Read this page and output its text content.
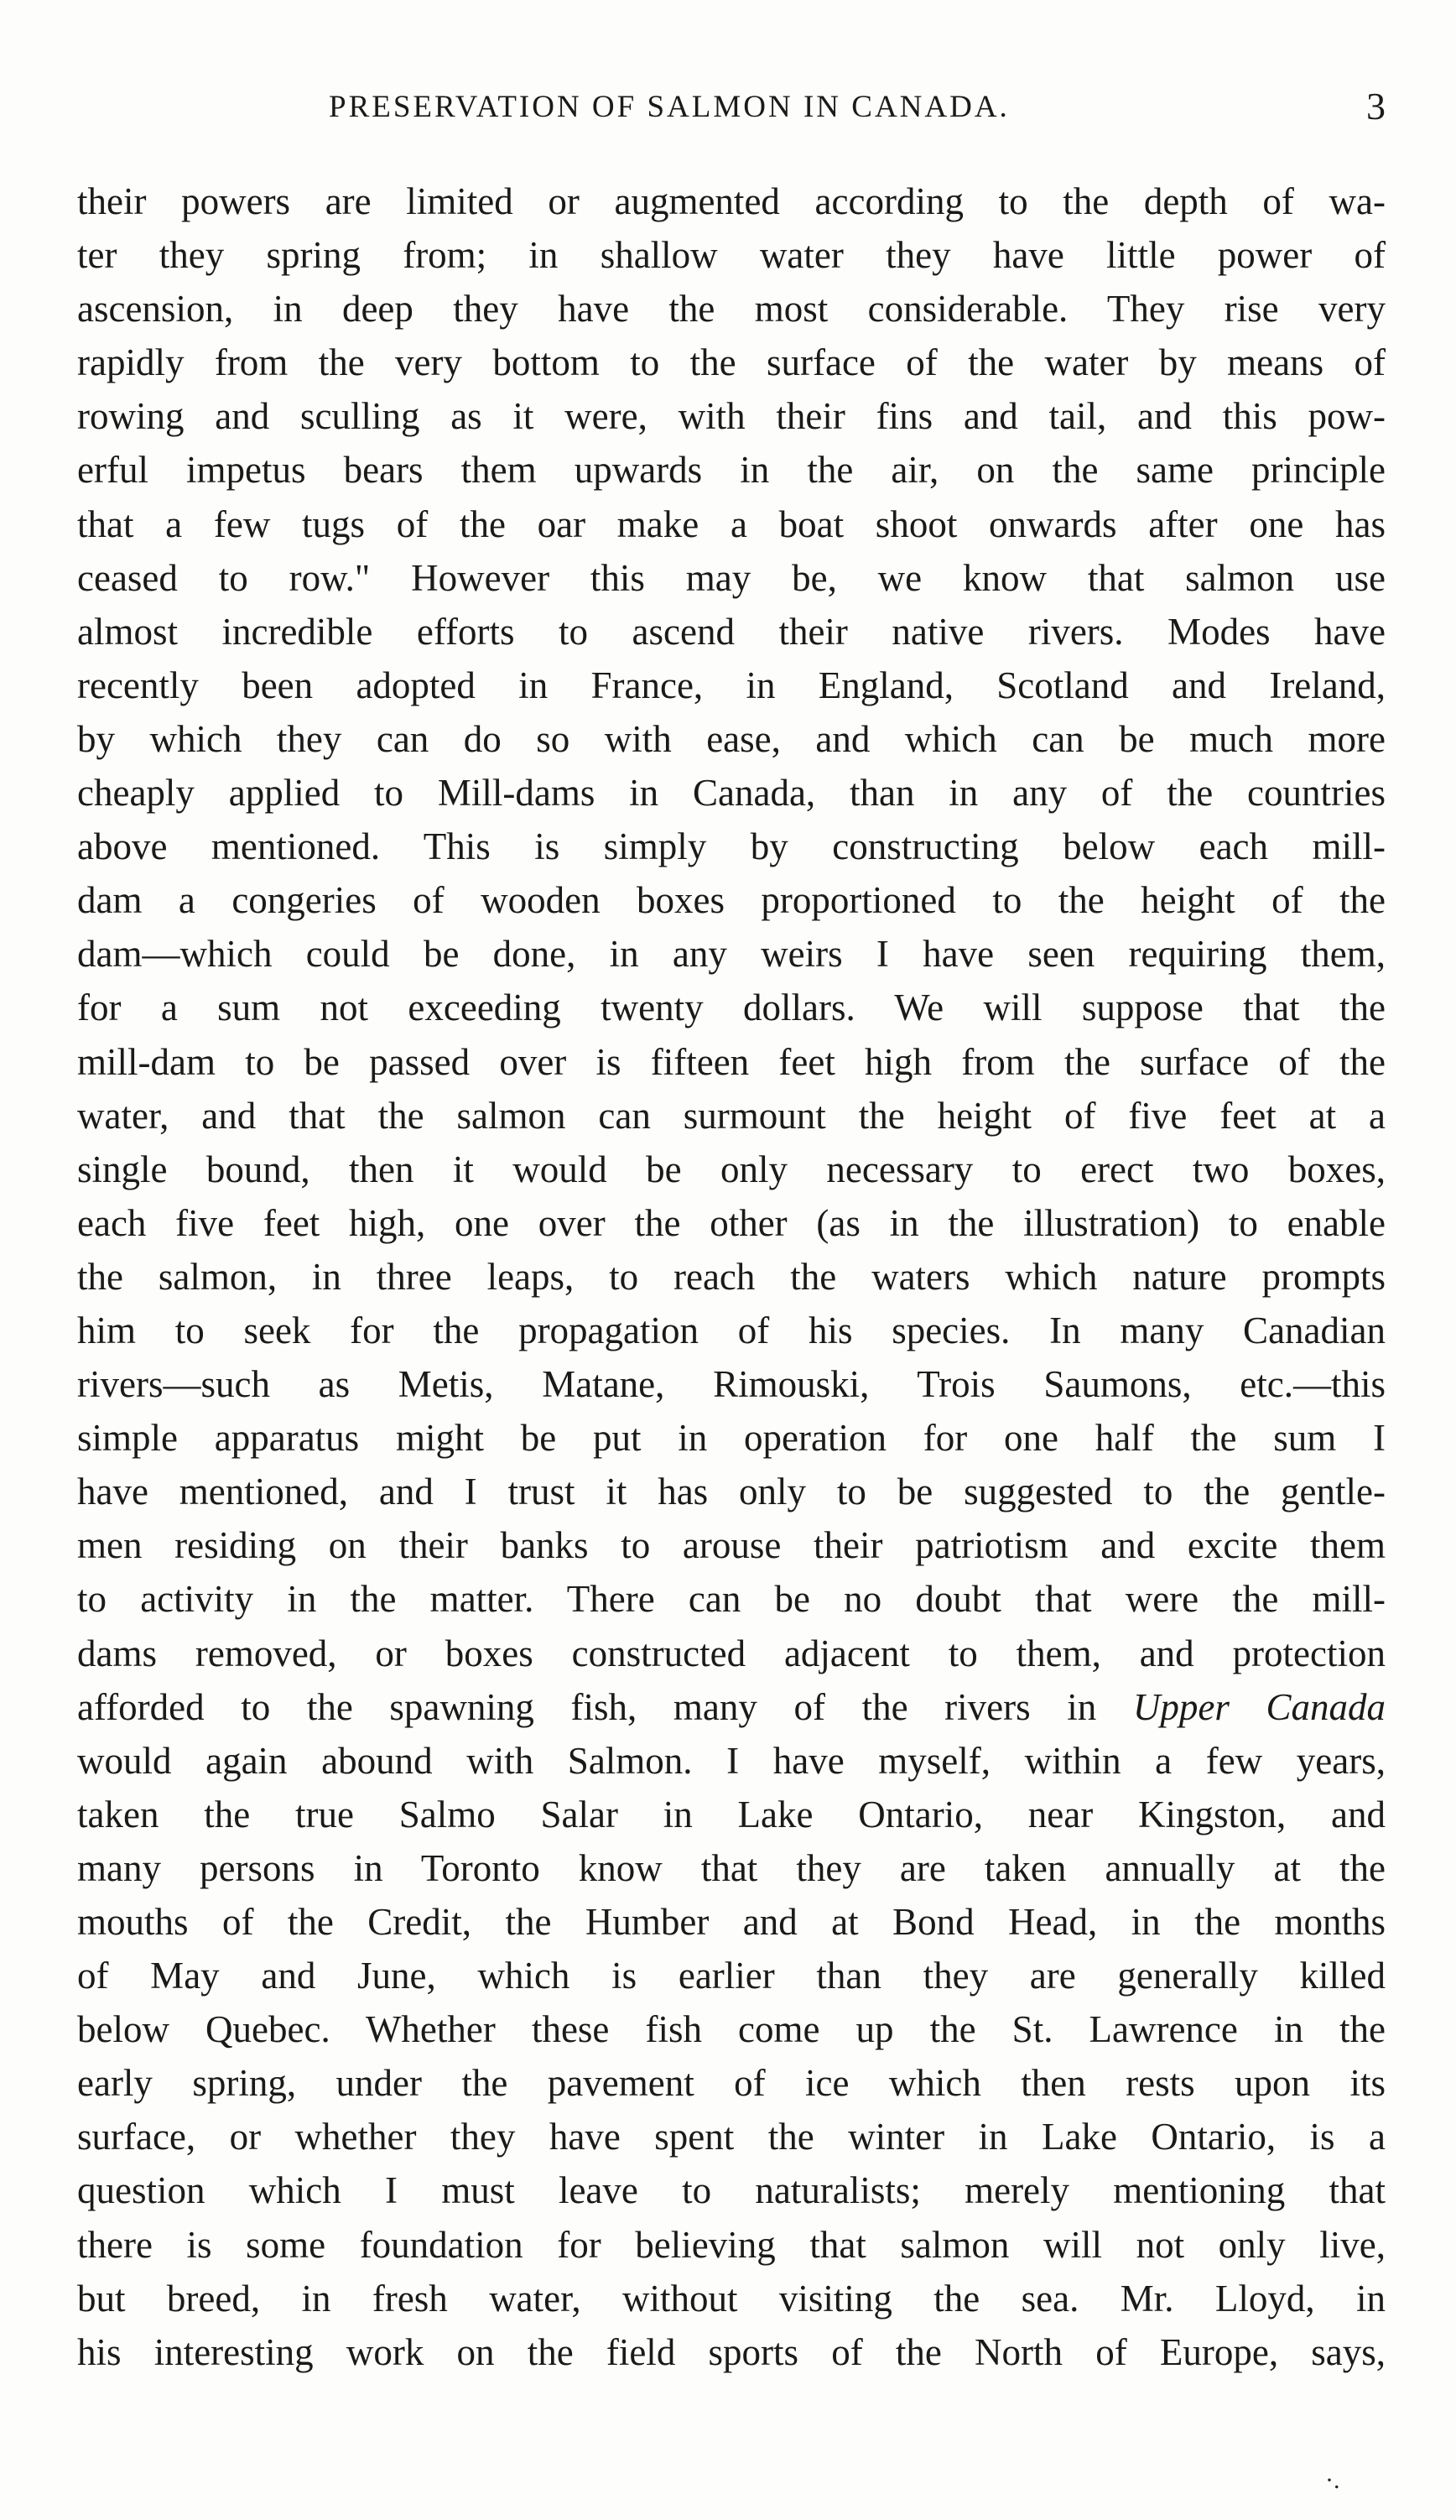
PRESERVATION OF SALMON IN CANADA.	3
their powers are limited or augmented according to the depth of wa-
ter they spring from; in shallow water they have little power of
ascension, in deep they have the most considerable. They rise very
rapidly from the very bottom to the surface of the water by means of
rowing and sculling as it were, with their fins and tail, and this pow-
erful impetus bears them upwards in the air, on the same principle
that a few tugs of the oar make a boat shoot onwards after one has
ceased to row." However this may be, we know that salmon use
almost incredible efforts to ascend their native rivers. Modes have
recently been adopted in France, in England, Scotland and Ireland,
by which they can do so with ease, and which can be much more
cheaply applied to Mill-dams in Canada, than in any of the countries
above mentioned. This is simply by constructing below each mill-
dam a congeries of wooden boxes proportioned to the height of the
dam—which could be done, in any weirs I have seen requiring them,
for a sum not exceeding twenty dollars. We will suppose that the
mill-dam to be passed over is fifteen feet high from the surface of the
water, and that the salmon can surmount the height of five feet at a
single bound, then it would be only necessary to erect two boxes,
each five feet high, one over the other (as in the illustration) to enable
the salmon, in three leaps, to reach the waters which nature prompts
him to seek for the propagation of his species. In many Canadian
rivers—such as Metis, Matane, Rimouski, Trois Saumons, etc.—this
simple apparatus might be put in operation for one half the sum I
have mentioned, and I trust it has only to be suggested to the gentle-
men residing on their banks to arouse their patriotism and excite them
to activity in the matter. There can be no doubt that were the mill-
dams removed, or boxes constructed adjacent to them, and protection
afforded to the spawning fish, many of the rivers in Upper Canada
would again abound with Salmon. I have myself, within a few years,
taken the true Salmo Salar in Lake Ontario, near Kingston, and
many persons in Toronto know that they are taken annually at the
mouths of the Credit, the Humber and at Bond Head, in the months
of May and June, which is earlier than they are generally killed
below Quebec. Whether these fish come up the St. Lawrence in the
early spring, under the pavement of ice which then rests upon its
surface, or whether they have spent the winter in Lake Ontario, is a
question which I must leave to naturalists; merely mentioning that
there is some foundation for believing that salmon will not only live,
but breed, in fresh water, without visiting the sea. Mr. Lloyd, in
his interesting work on the field sports of the North of Europe, says,
·.
